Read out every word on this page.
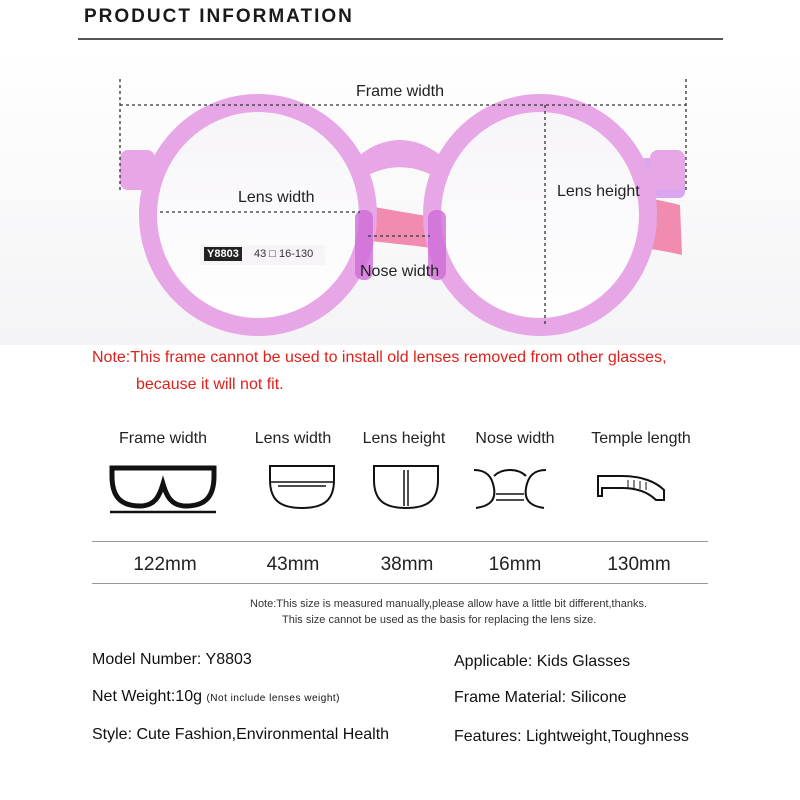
PRODUCT INFORMATION
Frame width
Lens width	Lens height
Nose width
Y8803 43 □ 16-130
Note:This frame cannot be used to install old lenses removed from other glasses,
because it will not fit.
Frame width	Lens width	Lens height	Nose width	Temple length
122mm	43mm	38mm	16mm	130mm
Note:This size is measured manually,please allow have a little bit different,thanks.
This size cannot be used as the basis for replacing the lens size.
Model Number: Y8803
Net Weight:10g (Not include lenses weight)
Style: Cute Fashion,Environmental Health
Applicable: Kids Glasses
Frame Material: Silicone
Features: Lightweight,Toughness
